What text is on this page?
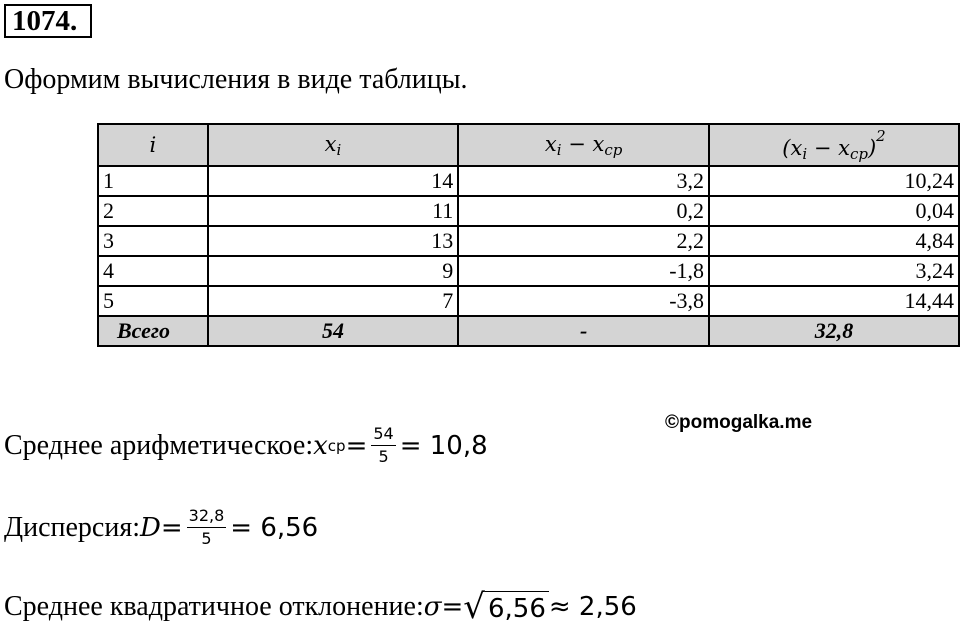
1074.
Оформим вычисления в виде таблицы.
i	$x_i$	$x_i - x_{ср}$	$(x_i - x_{ср})^2$
1	14	3,2	10,24
2	11	0,2	0,04
3	13	2,2	4,84
4	9	-1,8	3,24
5	7	-3,8	14,44
Всего	54	-	32,8
©pomogalka.me
Среднее арифметическое: x cp = $\frac{54}{5} = 10,8$
Дисперсия: $D = \frac{32,8}{5} = 6,56$
Среднее квадратичное отклонение: σ = √ 6,56 ≈ 2,56
